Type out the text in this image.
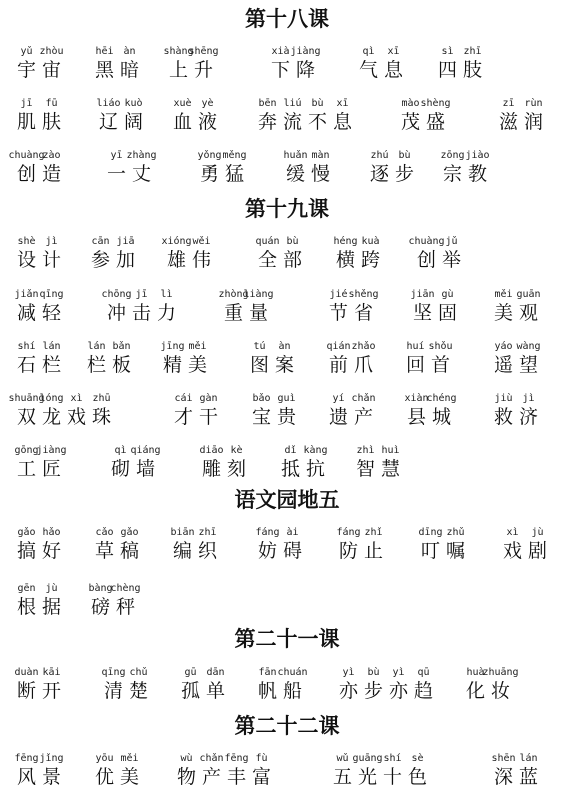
第十八课
yǔ
宇
zhòu
宙
hēi
黑
àn
暗
shàng
上
shēng
升
xià
下
jiàng
降
qì
气
xī
息
sì
四
zhī
肢
jī
肌
fū
肤
liáo
辽
kuò
阔
xuè
血
yè
液
bēn
奔
liú
流
bù
不
xī
息
mào
茂
shèng
盛
zī
滋
rùn
润
chuàng
创
zào
造
yī
一
zhàng
丈
yǒng
勇
měng
猛
huǎn
缓
màn
慢
zhú
逐
bù
步
zōng
宗
jiào
教
第十九课
shè
设
jì
计
cān
参
jiā
加
xióng
雄
wěi
伟
quán
全
bù
部
héng
横
kuà
跨
chuàng
创
jǔ
举
jiǎn
减
qīng
轻
chōng
冲
jī
击
lì
力
zhòng
重
liàng
量
jié
节
shěng
省
jiān
坚
gù
固
měi
美
guān
观
shí
石
lán
栏
lán
栏
bǎn
板
jīng
精
měi
美
tú
图
àn
案
qián
前
zhǎo
爪
huí
回
shǒu
首
yáo
遥
wàng
望
shuāng
双
lóng
龙
xì
戏
zhū
珠
cái
才
gàn
干
bǎo
宝
guì
贵
yí
遗
chǎn
产
xiàn
县
chéng
城
jiù
救
jì
济
gōng
工
jiàng
匠
qì
砌
qiáng
墙
diāo
雕
kè
刻
dǐ
抵
kàng
抗
zhì
智
huì
慧
语文园地五
gǎo
搞
hǎo
好
cǎo
草
gǎo
稿
biān
编
zhī
织
fáng
妨
ài
碍
fáng
防
zhǐ
止
dīng
叮
zhǔ
嘱
xì
戏
jù
剧
gēn
根
jù
据
bàng
磅
chèng
秤
第二十一课
duàn
断
kāi
开
qīng
清
chǔ
楚
gū
孤
dān
单
fān
帆
chuán
船
yì
亦
bù
步
yì
亦
qū
趋
huà
化
zhuāng
妆
第二十二课
fēng
风
jǐng
景
yōu
优
měi
美
wù
物
chǎn
产
fēng
丰
fù
富
wǔ
五
guāng
光
shí
十
sè
色
shēn
深
lán
蓝
